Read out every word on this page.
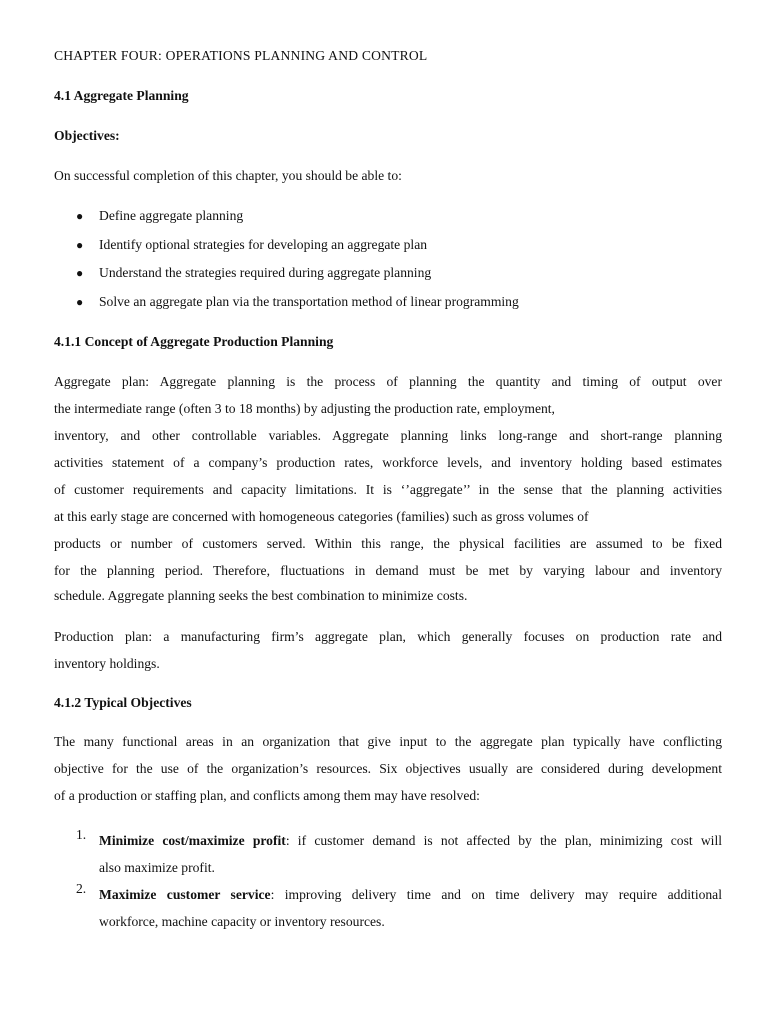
CHAPTER FOUR: OPERATIONS PLANNING AND CONTROL
4.1 Aggregate Planning
Objectives:
On successful completion of this chapter, you should be able to:
● Define aggregate planning
● Identify optional strategies for developing an aggregate plan
● Understand the strategies required during aggregate planning
● Solve an aggregate plan via the transportation method of linear programming
4.1.1 Concept of Aggregate Production Planning
Aggregate plan: Aggregate planning is the process of planning the quantity and timing of output over
the intermediate range (often 3 to 18 months) by adjusting the production rate, employment,
inventory, and other controllable variables. Aggregate planning links long-range and short-range planning
activities statement of a company’s production rates, workforce levels, and inventory holding based estimates
of customer requirements and capacity limitations. It is ‘’aggregate’’ in the sense that the planning activities
at this early stage are concerned with homogeneous categories (families) such as gross volumes of
products or number of customers served. Within this range, the physical facilities are assumed to be fixed
for the planning period. Therefore, fluctuations in demand must be met by varying labour and inventory
schedule. Aggregate planning seeks the best combination to minimize costs.
Production plan: a manufacturing firm’s aggregate plan, which generally focuses on production rate and
inventory holdings.
4.1.2 Typical Objectives
The many functional areas in an organization that give input to the aggregate plan typically have conflicting
objective for the use of the organization’s resources. Six objectives usually are considered during development
of a production or staffing plan, and conflicts among them may have resolved:
1. Minimize cost/maximize profit: if customer demand is not affected by the plan, minimizing cost will
also maximize profit.
2. Maximize customer service: improving delivery time and on time delivery may require additional
workforce, machine capacity or inventory resources.
